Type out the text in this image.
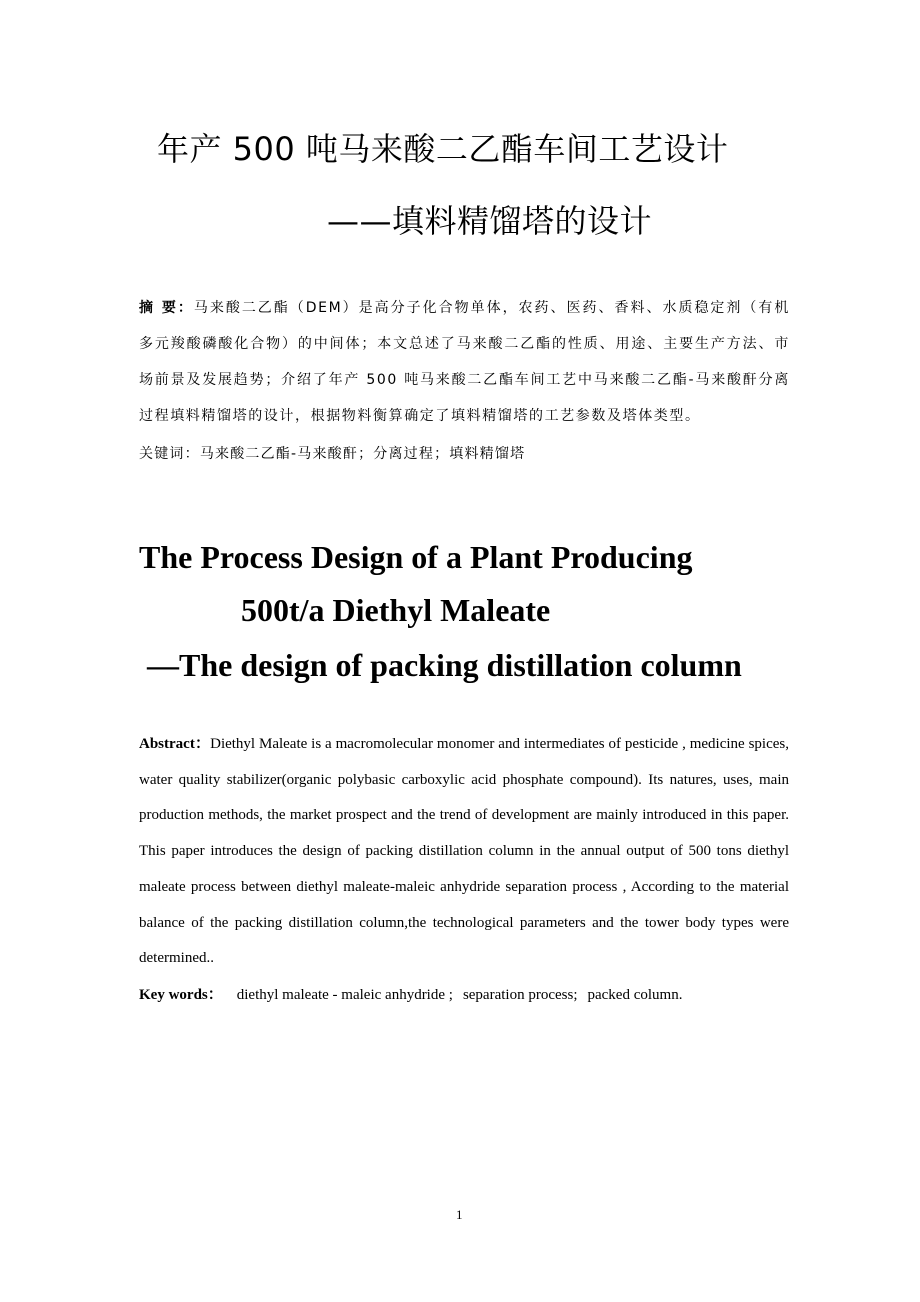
年产 500 吨马来酸二乙酯车间工艺设计
——填料精馏塔的设计
摘 要：马来酸二乙酯（DEM）是高分子化合物单体，农药、医药、香料、水质稳定剂（有机多元羧酸磷酸化合物）的中间体；本文总述了马来酸二乙酯的性质、用途、主要生产方法、市场前景及发展趋势；介绍了年产 500 吨马来酸二乙酯车间工艺中马来酸二乙酯-马来酸酐分离过程填料精馏塔的设计，根据物料衡算确定了填料精馏塔的工艺参数及塔体类型。
关键词：马来酸二乙酯-马来酸酐；分离过程；填料精馏塔
The Process Design of a Plant Producing
500t/a Diethyl Maleate
—The design of packing distillation column
Abstract：Diethyl Maleate is a macromolecular monomer and intermediates of pesticide , medicine spices, water quality stabilizer(organic polybasic carboxylic acid phosphate compound). Its natures, uses, main production methods, the market prospect and the trend of development are mainly introduced in this paper. This paper introduces the design of packing distillation column in the annual output of 500 tons diethyl maleate process between diethyl maleate-maleic anhydride separation process , According to the material balance of the packing distillation column,the technological parameters and the tower body types were determined..
Key words： diethyl maleate - maleic anhydride ; separation process; packed column.
1
